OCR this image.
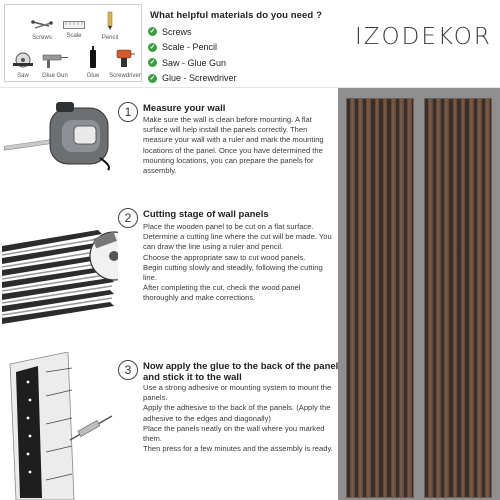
Screws	Scale	Pencil
Saw	Glue Gun	Glue	Screwdriver
What helpful materials do you need ?
✓ Screws
✓ Scale - Pencil
✓ Saw - Glue Gun
✓ Glue - Screwdriver
IZODEKOR
1	Measure your wall
Make sure the wall is clean before mounting. A flat surface will help install the panels correctly. Then measure your wall with a ruler and mark the mounting locations of the panel. Once you have determined the mounting locations, you can prepare the panels for assembly.
2	Cutting stage of wall panels
Place the wooden panel to be cut on a flat surface.
Determine a cutting line where the cut will be made. You can draw the line using a ruler and pencil.
Choose the appropriate saw to cut wood panels.
Begin cutting slowly and steadily, following the cutting line.
After completing the cut, check the wood panel thoroughly and make corrections.
3	Now apply the glue to the back of the panel and stick it to the wall
Use a strong adhesive or mounting system to mount the panels.
Apply the adhesive to the back of the panels. (Apply the adhesive to the edges and diagonally)
Place the panels neatly on the wall where you marked them.
Then press for a few minutes and the assembly is ready.
